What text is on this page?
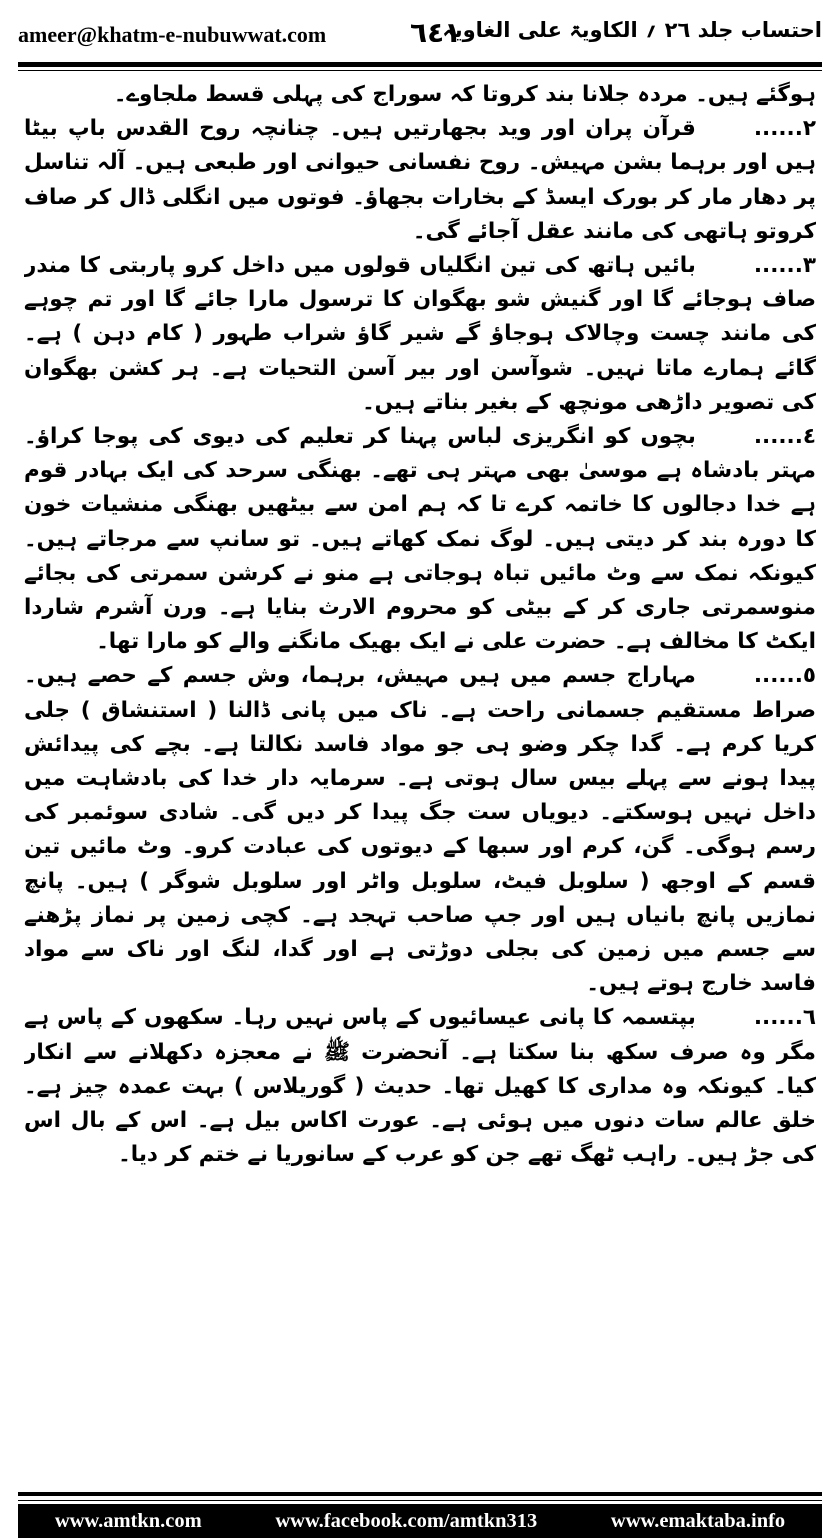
ameer@khatm-e-nubuwwat.com	٦٤١
احتساب جلد ٢٦ ؍ الکاویۃ علی الغاویہ

ہوگئے ہیں۔ مردہ جلانا بند کروتا کہ سوراج کی پہلی قسط ملجاوے۔

٢......قرآن پران اور وید بجھارتیں ہیں۔ چنانچہ روح القدس باپ بیٹا ہیں اور برہما بشن مہیش۔ روح نفسانی حیوانی اور طبعی ہیں۔ آلہ تناسل پر دھار مار کر بورک ایسڈ کے بخارات بجھاؤ۔ فوتوں میں انگلی ڈال کر صاف کروتو ہاتھی کی مانند عقل آجائے گی۔

٣......بائیں ہاتھ کی تین انگلیاں قولوں میں داخل کرو پاربتی کا مندر صاف ہوجائے گا اور گنیش شو بھگوان کا ترسول مارا جائے گا اور تم چوہے کی مانند چست وچالاک ہوجاؤ گے شیر گاؤ شراب طہور ( کام دہن ) ہے۔ گائے ہمارے ماتا نہیں۔ شوآسن اور بیر آسن التحیات ہے۔ ہر کشن بھگوان کی تصویر داڑھی مونچھ کے بغیر بناتے ہیں۔

٤......بچوں کو انگریزی لباس پہنا کر تعلیم کی دیوی کی پوجا کراؤ۔ مہتر بادشاہ ہے موسیٰ بھی مہتر ہی تھے۔ بھنگی سرحد کی ایک بہادر قوم ہے خدا دجالوں کا خاتمہ کرے تا کہ ہم امن سے بیٹھیں بھنگی منشیات خون کا دورہ بند کر دیتی ہیں۔ لوگ نمک کھاتے ہیں۔ تو سانپ سے مرجاتے ہیں۔ کیونکہ نمک سے وٹ مائیں تباہ ہوجاتی ہے منو نے کرشن سمرتی کی بجائے منوسمرتی جاری کر کے بیٹی کو محروم الارث بنایا ہے۔ ورن آشرم شاردا ایکٹ کا مخالف ہے۔ حضرت علی نے ایک بھیک مانگنے والے کو مارا تھا۔

٥......مہاراج جسم میں ہیں مہیش، برہما، وش جسم کے حصے ہیں۔ صراط مستقیم جسمانی راحت ہے۔ ناک میں پانی ڈالنا ( استنشاق ) جلی کریا کرم ہے۔ گدا چکر وضو ہی جو مواد فاسد نکالتا ہے۔ بچے کی پیدائش پیدا ہونے سے پہلے بیس سال ہوتی ہے۔ سرمایہ دار خدا کی بادشاہت میں داخل نہیں ہوسکتے۔ دیویاں ست جگ پیدا کر دیں گی۔ شادی سوئمبر کی رسم ہوگی۔ گن، کرم اور سبھا کے دیوتوں کی عبادت کرو۔ وٹ مائیں تین قسم کے اوجھ ( سلوبل فیٹ، سلوبل واٹر اور سلوبل شوگر ) ہیں۔ پانچ نمازیں پانچ بانیاں ہیں اور جپ صاحب تہجد ہے۔ کچی زمین پر نماز پڑھنے سے جسم میں زمین کی بجلی دوڑتی ہے اور گدا، لنگ اور ناک سے مواد فاسد خارج ہوتے ہیں۔

٦......بپتسمہ کا پانی عیسائیوں کے پاس نہیں رہا۔ سکھوں کے پاس ہے مگر وہ صرف سکھ بنا سکتا ہے۔ آنحضرت ﷺ نے معجزہ دکھلانے سے انکار کیا۔ کیونکہ وہ مداری کا کھیل تھا۔ حدیث ( گوریلاس ) بہت عمدہ چیز ہے۔ خلق عالم سات دنوں میں ہوئی ہے۔ عورت اکاس بیل ہے۔ اس کے بال اس کی جڑ ہیں۔ راہب ٹھگ تھے جن کو عرب کے سانوریا نے ختم کر دیا۔

www.amtkn.com	www.facebook.com/amtkn313	www.emaktaba.info
